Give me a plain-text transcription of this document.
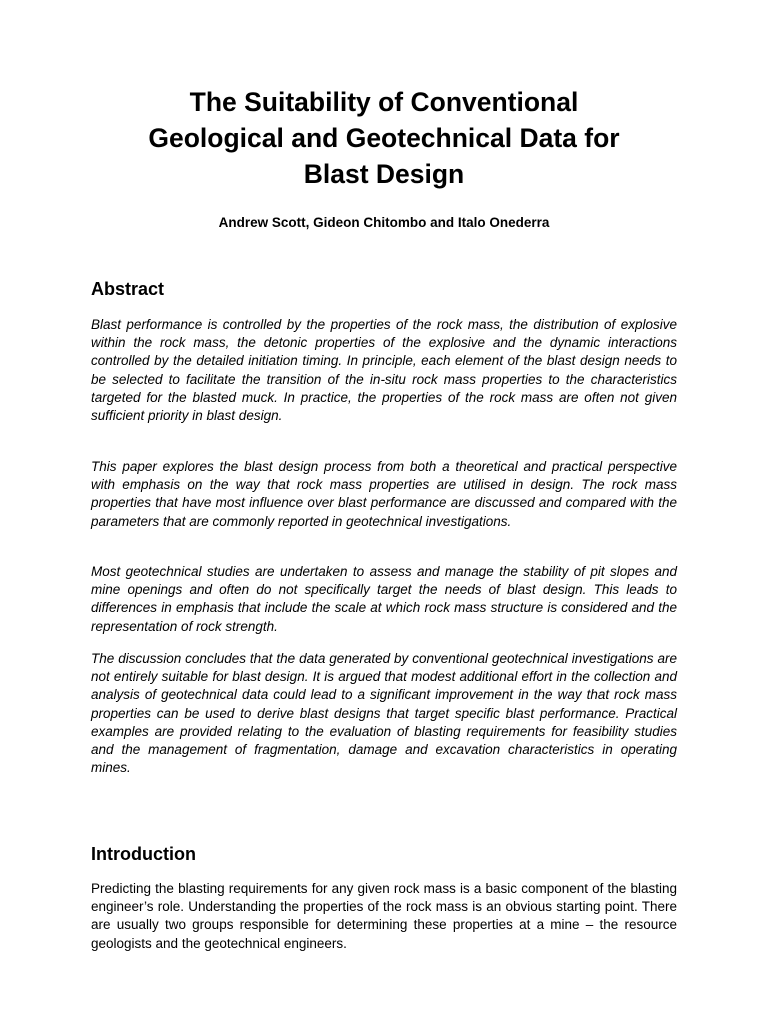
The Suitability of Conventional
Geological and Geotechnical Data for
Blast Design
Andrew Scott, Gideon Chitombo and Italo Onederra
Abstract

Blast performance is controlled by the properties of the rock mass, the distribution of explosive within the rock mass, the detonic properties of the explosive and the dynamic interactions controlled by the detailed initiation timing. In principle, each element of the blast design needs to be selected to facilitate the transition of the in-situ rock mass properties to the characteristics targeted for the blasted muck. In practice, the properties of the rock mass are often not given sufficient priority in blast design.

This paper explores the blast design process from both a theoretical and practical perspective with emphasis on the way that rock mass properties are utilised in design. The rock mass properties that have most influence over blast performance are discussed and compared with the parameters that are commonly reported in geotechnical investigations.

Most geotechnical studies are undertaken to assess and manage the stability of pit slopes and mine openings and often do not specifically target the needs of blast design. This leads to differences in emphasis that include the scale at which rock mass structure is considered and the representation of rock strength.

The discussion concludes that the data generated by conventional geotechnical investigations are not entirely suitable for blast design. It is argued that modest additional effort in the collection and analysis of geotechnical data could lead to a significant improvement in the way that rock mass properties can be used to derive blast designs that target specific blast performance. Practical examples are provided relating to the evaluation of blasting requirements for feasibility studies and the management of fragmentation, damage and excavation characteristics in operating mines.

Introduction

Predicting the blasting requirements for any given rock mass is a basic component of the blasting engineer’s role. Understanding the properties of the rock mass is an obvious starting point. There are usually two groups responsible for determining these properties at a mine – the resource geologists and the geotechnical engineers.
